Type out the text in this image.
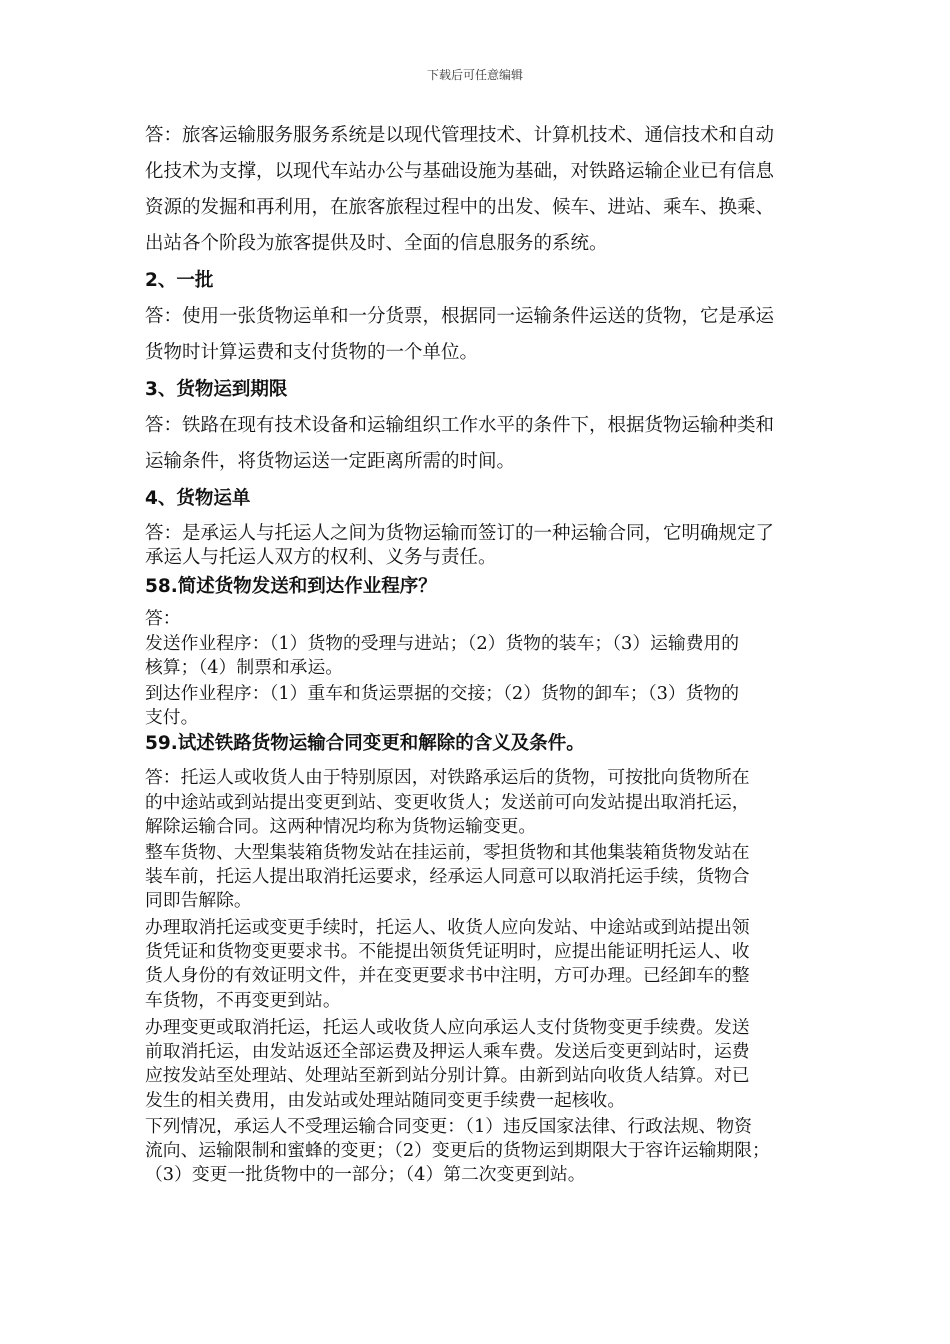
下载后可任意编辑
答：旅客运输服务服务系统是以现代管理技术、计算机技术、通信技术和自动
化技术为支撑，以现代车站办公与基础设施为基础，对铁路运输企业已有信息
资源的发掘和再利用，在旅客旅程过程中的出发、候车、进站、乘车、换乘、
出站各个阶段为旅客提供及时、全面的信息服务的系统。
2、一批
答：使用一张货物运单和一分货票，根据同一运输条件运送的货物，它是承运
货物时计算运费和支付货物的一个单位。
3、货物运到期限
答：铁路在现有技术设备和运输组织工作水平的条件下，根据货物运输种类和
运输条件，将货物运送一定距离所需的时间。
4、货物运单
答：是承运人与托运人之间为货物运输而签订的一种运输合同，它明确规定了
承运人与托运人双方的权利、义务与责任。
58.简述货物发送和到达作业程序？
答：
发送作业程序：（1）货物的受理与进站；（2）货物的装车；（3）运输费用的
核算；（4）制票和承运。
到达作业程序：（1）重车和货运票据的交接；（2）货物的卸车；（3）货物的
支付。
59.试述铁路货物运输合同变更和解除的含义及条件。
答：托运人或收货人由于特别原因，对铁路承运后的货物，可按批向货物所在
的中途站或到站提出变更到站、变更收货人；发送前可向发站提出取消托运，
解除运输合同。这两种情况均称为货物运输变更。
整车货物、大型集装箱货物发站在挂运前，零担货物和其他集装箱货物发站在
装车前，托运人提出取消托运要求，经承运人同意可以取消托运手续，货物合
同即告解除。
办理取消托运或变更手续时，托运人、收货人应向发站、中途站或到站提出领
货凭证和货物变更要求书。不能提出领货凭证明时，应提出能证明托运人、收
货人身份的有效证明文件，并在变更要求书中注明，方可办理。已经卸车的整
车货物，不再变更到站。
办理变更或取消托运，托运人或收货人应向承运人支付货物变更手续费。发送
前取消托运，由发站返还全部运费及押运人乘车费。发送后变更到站时，运费
应按发站至处理站、处理站至新到站分别计算。由新到站向收货人结算。对已
发生的相关费用，由发站或处理站随同变更手续费一起核收。
下列情况，承运人不受理运输合同变更：（1）违反国家法律、行政法规、物资
流向、运输限制和蜜蜂的变更；（2）变更后的货物运到期限大于容许运输期限；
（3）变更一批货物中的一部分；（4）第二次变更到站。
